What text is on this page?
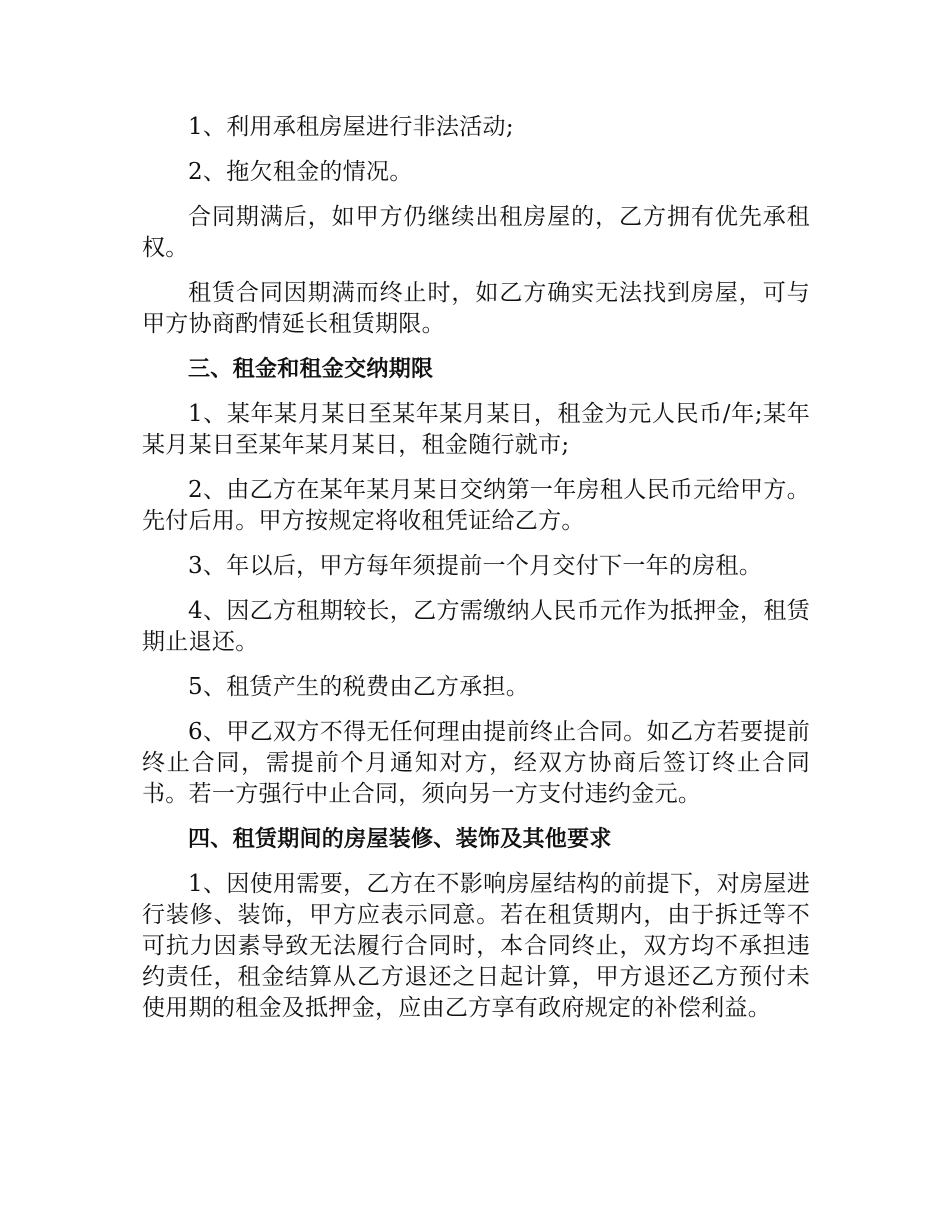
1、利用承租房屋进行非法活动;

2、拖欠租金的情况。

合同期满后，如甲方仍继续出租房屋的，乙方拥有优先承租权。

租赁合同因期满而终止时，如乙方确实无法找到房屋，可与甲方协商酌情延长租赁期限。

三、租金和租金交纳期限

1、某年某月某日至某年某月某日，租金为元人民币/年;某年某月某日至某年某月某日，租金随行就市;

2、由乙方在某年某月某日交纳第一年房租人民币元给甲方。先付后用。甲方按规定将收租凭证给乙方。

3、年以后，甲方每年须提前一个月交付下一年的房租。

4、因乙方租期较长，乙方需缴纳人民币元作为抵押金，租赁期止退还。

5、租赁产生的税费由乙方承担。

6、甲乙双方不得无任何理由提前终止合同。如乙方若要提前终止合同，需提前个月通知对方，经双方协商后签订终止合同书。若一方强行中止合同，须向另一方支付违约金元。

四、租赁期间的房屋装修、装饰及其他要求

1、因使用需要，乙方在不影响房屋结构的前提下，对房屋进行装修、装饰，甲方应表示同意。若在租赁期内，由于拆迁等不可抗力因素导致无法履行合同时，本合同终止，双方均不承担违约责任，租金结算从乙方退还之日起计算，甲方退还乙方预付未使用期的租金及抵押金，应由乙方享有政府规定的补偿利益。
